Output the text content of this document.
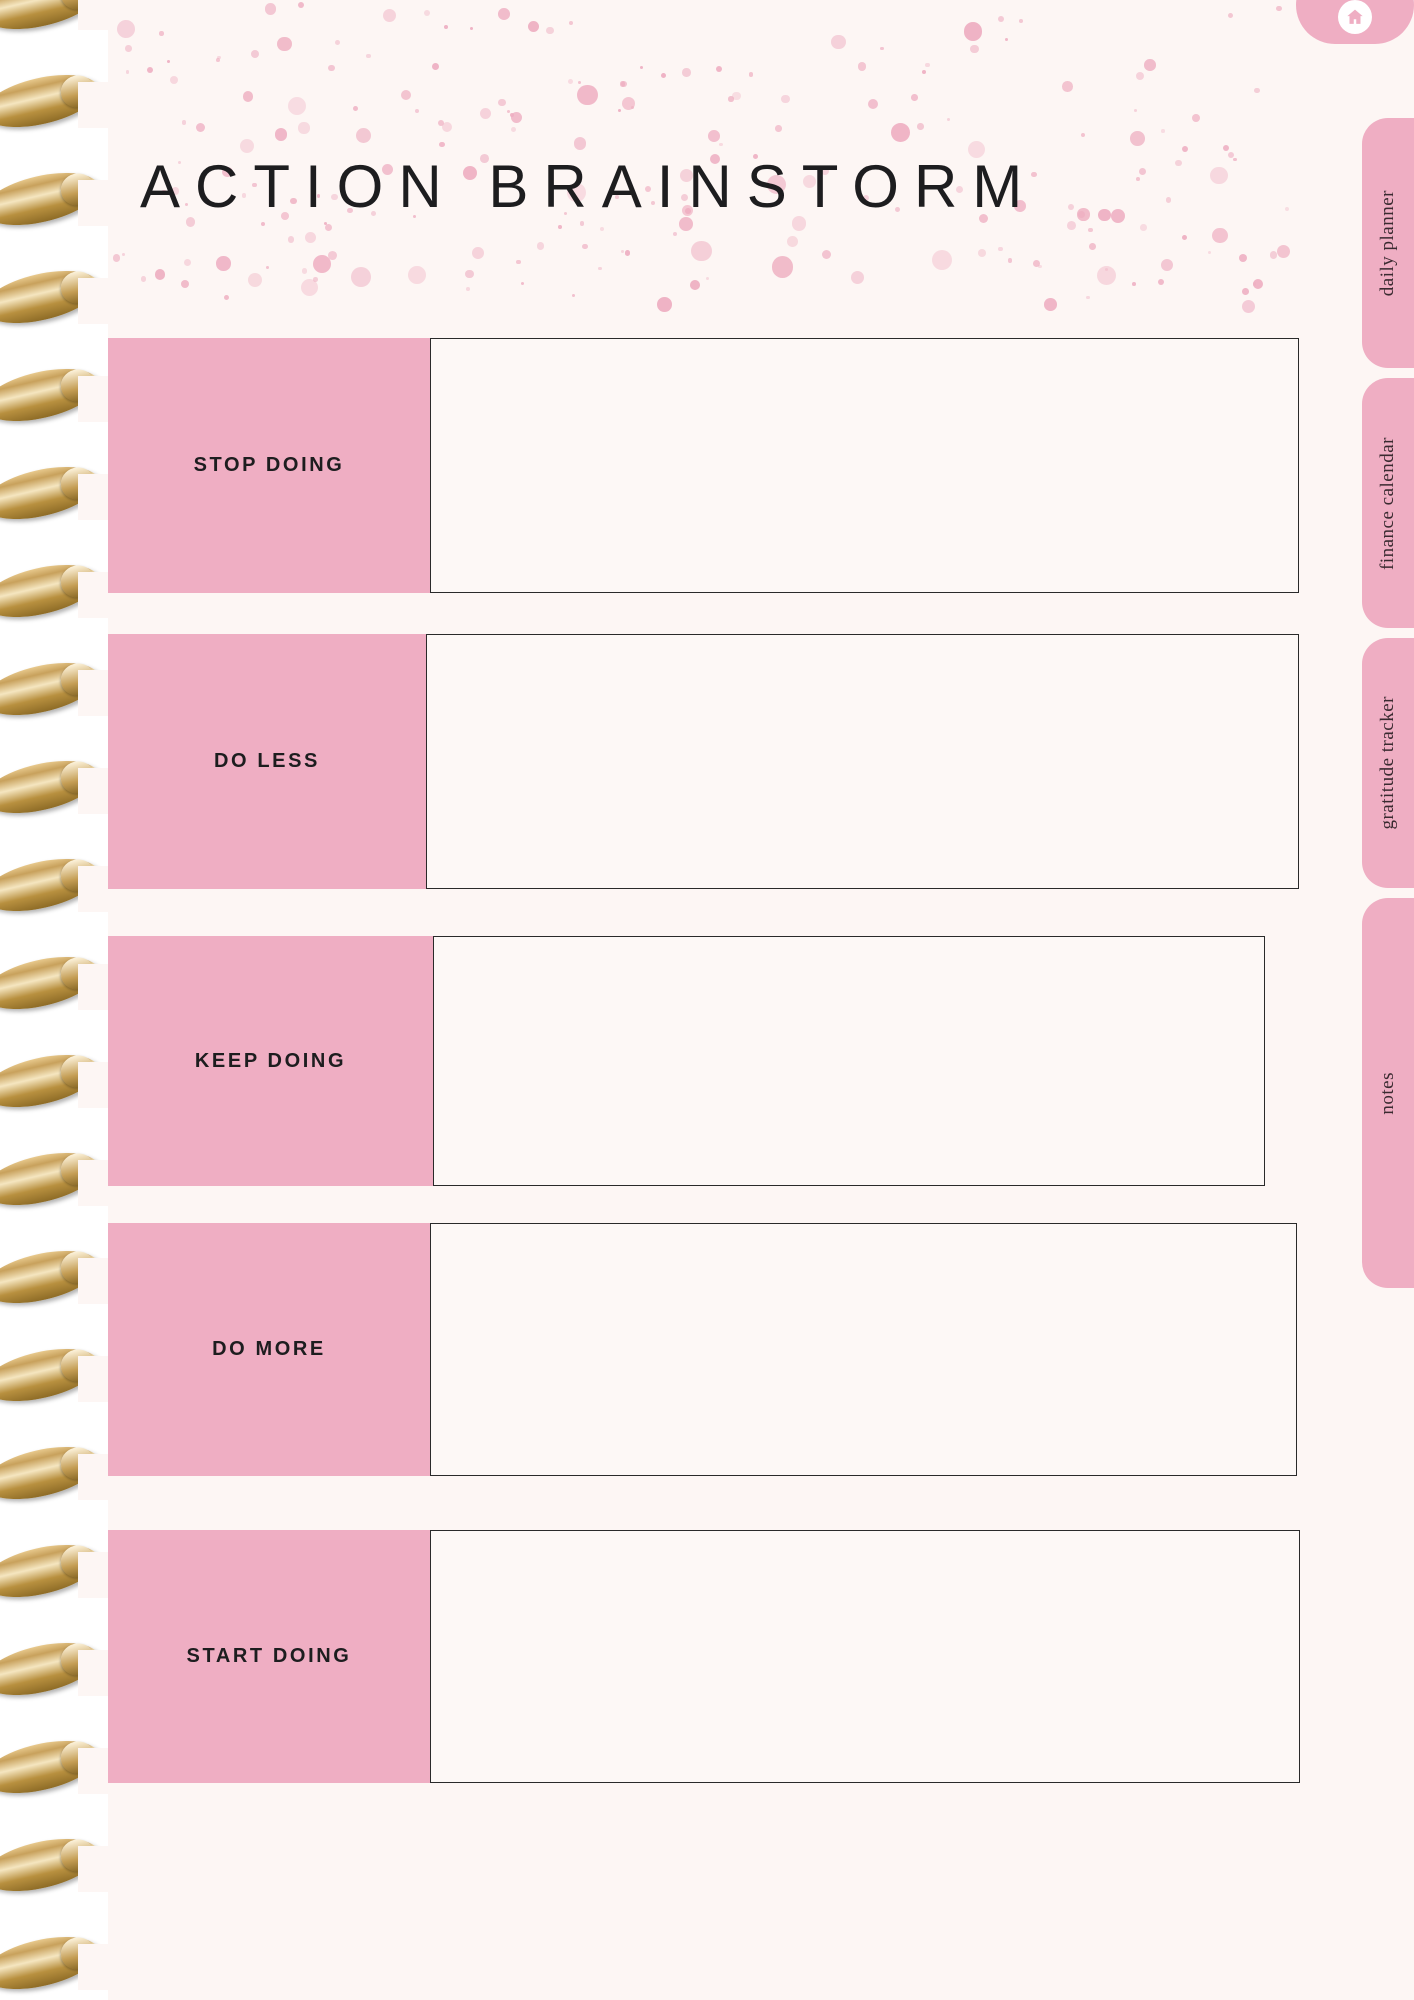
ACTION BRAINSTORM
STOP DOING
DO LESS
KEEP DOING
DO MORE
START DOING
daily planner
finance calendar
gratitude tracker
notes
